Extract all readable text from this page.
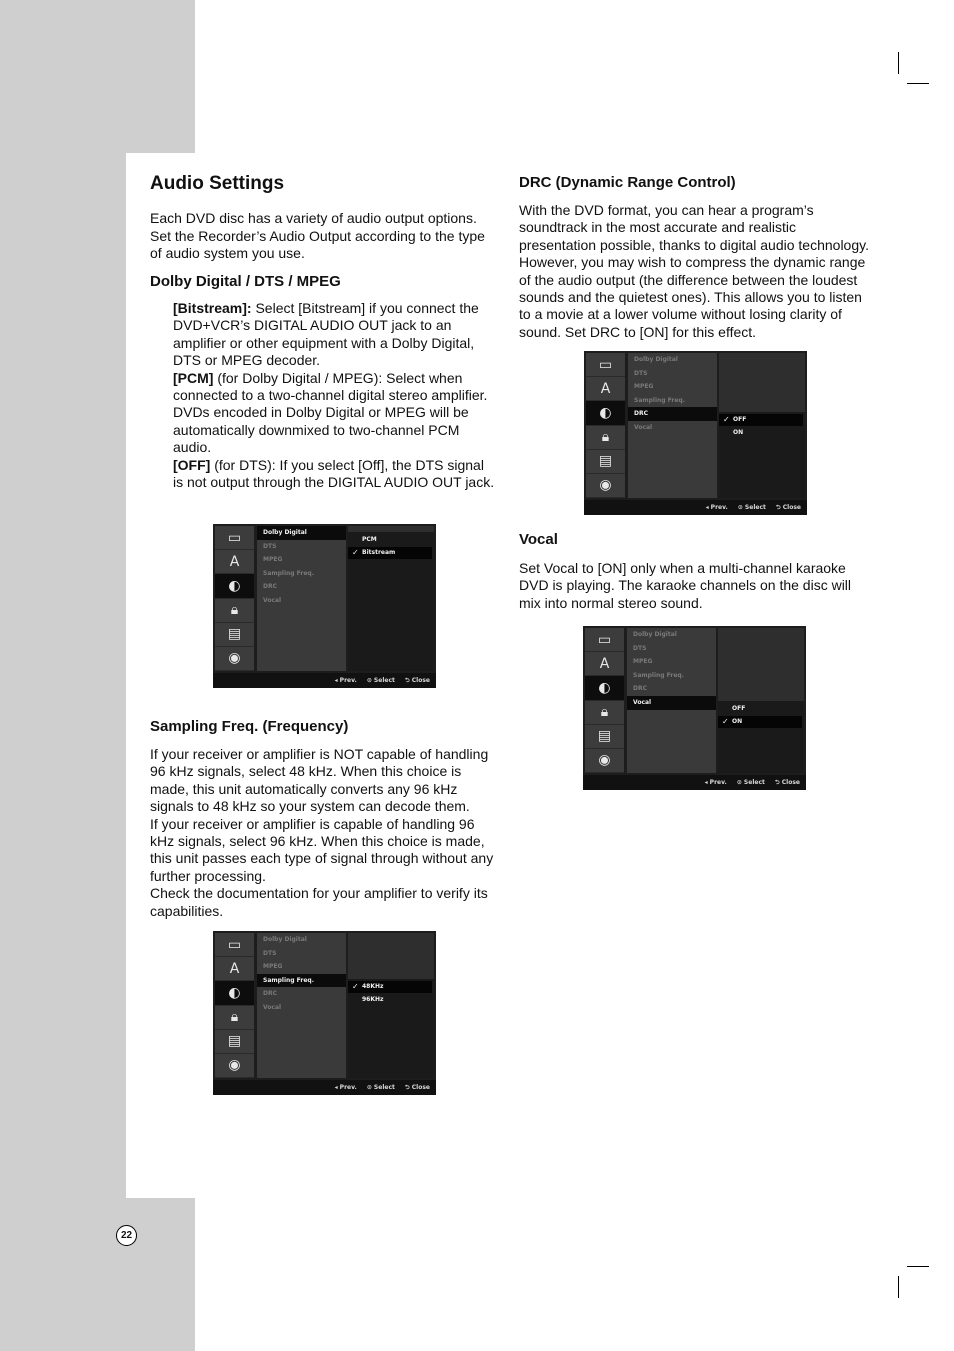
22
Audio Settings

Each DVD disc has a variety of audio output options. Set the Recorder’s Audio Output according to the type of audio system you use.

Dolby Digital / DTS / MPEG

[Bitstream]: Select [Bitstream] if you connect the DVD+VCR’s DIGITAL AUDIO OUT jack to an amplifier or other equipment with a Dolby Digital, DTS or MPEG decoder.

[PCM] (for Dolby Digital / MPEG): Select when connected to a two-channel digital stereo amplifier. DVDs encoded in Dolby Digital or MPEG will be automatically downmixed to two-channel PCM audio.

[OFF] (for DTS): If you select [Off], the DTS signal is not output through the DIGITAL AUDIO OUT jack.

Sampling Freq. (Frequency)

If your receiver or amplifier is NOT capable of handling 96 kHz signals, select 48 kHz. When this choice is made, this unit automatically converts any 96 kHz signals to 48 kHz so your system can decode them.

If your receiver or amplifier is capable of handling 96 kHz signals, select 96 kHz. When this choice is made, this unit passes each type of signal through without any further processing.

Check the documentation for your amplifier to verify its capabilities.

DRC (Dynamic Range Control)

With the DVD format, you can hear a program’s soundtrack in the most accurate and realistic presentation possible, thanks to digital audio technology. However, you may wish to compress the dynamic range of the audio output (the difference between the loudest sounds and the quietest ones). This allows you to listen to a movie at a lower volume without losing clarity of sound. Set DRC to [ON] for this effect.

Vocal

Set Vocal to [ON] only when a multi-channel karaoke DVD is playing. The karaoke channels on the disc will mix into normal stereo sound.

▭
A
◐
🔒︎
▤
◉
Dolby Digital
DTS
MPEG
Sampling Freq.
DRC
Vocal
PCM
✓ Bitstream
◂ Prev. ⊙ Select ⮌ Close
▭
A
◐
🔒︎
▤
◉
Dolby Digital
DTS
MPEG
Sampling Freq.
DRC
Vocal
✓ 48KHz
96KHz
◂ Prev. ⊙ Select ⮌ Close
▭
A
◐
🔒︎
▤
◉
Dolby Digital
DTS
MPEG
Sampling Freq.
DRC
Vocal
✓ OFF
ON
◂ Prev. ⊙ Select ⮌ Close
▭
A
◐
🔒︎
▤
◉
Dolby Digital
DTS
MPEG
Sampling Freq.
DRC
Vocal
OFF
✓ ON
◂ Prev. ⊙ Select ⮌ Close
